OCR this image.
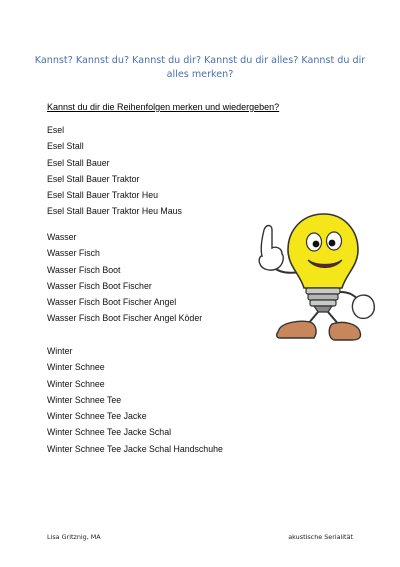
Kannst? Kannst du? Kannst du dir? Kannst du dir alles? Kannst du dir alles merken?
Kannst du dir die Reihenfolgen merken und wiedergeben?
Esel
Esel Stall
Esel Stall Bauer
Esel Stall Bauer Traktor
Esel Stall Bauer Traktor Heu
Esel Stall Bauer Traktor Heu Maus
Wasser
Wasser Fisch
Wasser Fisch Boot
Wasser Fisch Boot Fischer
Wasser Fisch Boot Fischer Angel
Wasser Fisch Boot Fischer Angel Köder
Winter
Winter Schnee
Winter Schnee
Winter Schnee Tee
Winter Schnee Tee Jacke
Winter Schnee Tee Jacke Schal
Winter Schnee Tee Jacke Schal Handschuhe
Lisa Gritznig, MA	akustische Serialität
